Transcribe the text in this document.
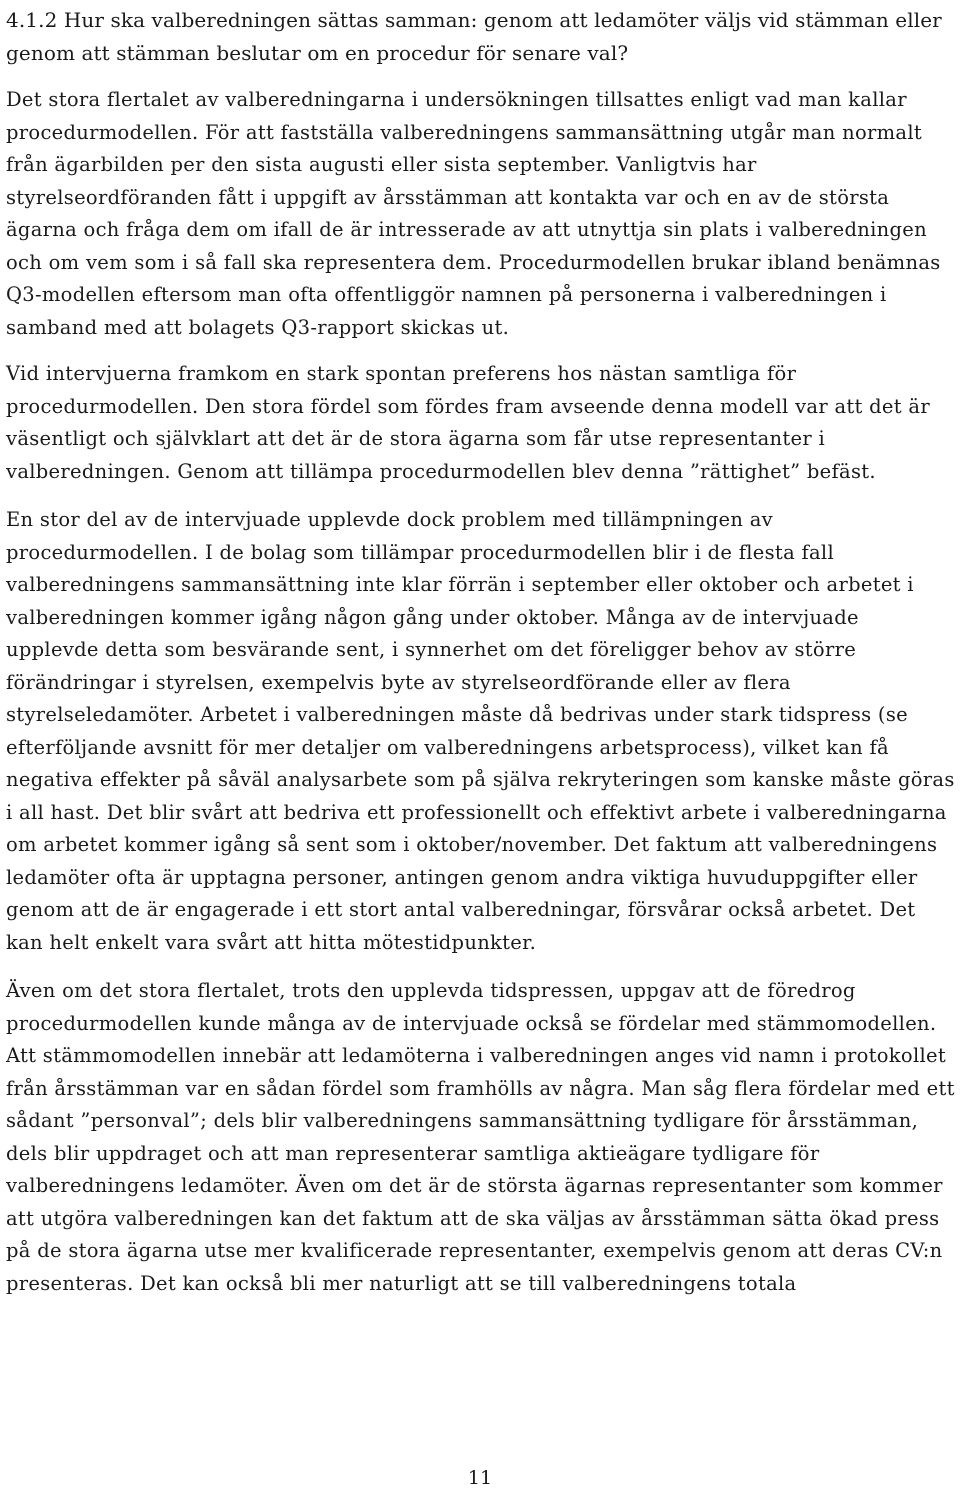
4.1.2 Hur ska valberedningen sättas samman: genom att ledamöter väljs vid stämman eller genom att stämman beslutar om en procedur för senare val?

Det stora flertalet av valberedningarna i undersökningen tillsattes enligt vad man kallar procedurmodellen. För att fastställa valberedningens sammansättning utgår man normalt från ägarbilden per den sista augusti eller sista september. Vanligtvis har styrelseordföranden fått i uppgift av årsstämman att kontakta var och en av de största ägarna och fråga dem om ifall de är intresserade av att utnyttja sin plats i valberedningen och om vem som i så fall ska representera dem. Procedurmodellen brukar ibland benämnas Q3-modellen eftersom man ofta offentliggör namnen på personerna i valberedningen i samband med att bolagets Q3-rapport skickas ut.

Vid intervjuerna framkom en stark spontan preferens hos nästan samtliga för procedurmodellen. Den stora fördel som fördes fram avseende denna modell var att det är väsentligt och självklart att det är de stora ägarna som får utse representanter i valberedningen. Genom att tillämpa procedurmodellen blev denna ”rättighet” befäst.

En stor del av de intervjuade upplevde dock problem med tillämpningen av procedurmodellen. I de bolag som tillämpar procedurmodellen blir i de flesta fall valberedningens sammansättning inte klar förrän i september eller oktober och arbetet i valberedningen kommer igång någon gång under oktober. Många av de intervjuade upplevde detta som besvärande sent, i synnerhet om det föreligger behov av större förändringar i styrelsen, exempelvis byte av styrelseordförande eller av flera styrelseledamöter. Arbetet i valberedningen måste då bedrivas under stark tidspress (se efterföljande avsnitt för mer detaljer om valberedningens arbetsprocess), vilket kan få negativa effekter på såväl analysarbete som på själva rekryteringen som kanske måste göras i all hast. Det blir svårt att bedriva ett professionellt och effektivt arbete i valberedningarna om arbetet kommer igång så sent som i oktober/november. Det faktum att valberedningens ledamöter ofta är upptagna personer, antingen genom andra viktiga huvuduppgifter eller genom att de är engagerade i ett stort antal valberedningar, försvårar också arbetet. Det kan helt enkelt vara svårt att hitta mötestidpunkter.

Även om det stora flertalet, trots den upplevda tidspressen, uppgav att de föredrog procedurmodellen kunde många av de intervjuade också se fördelar med stämmomodellen. Att stämmomodellen innebär att ledamöterna i valberedningen anges vid namn i protokollet från årsstämman var en sådan fördel som framhölls av några. Man såg flera fördelar med ett sådant ”personval”; dels blir valberedningens sammansättning tydligare för årsstämman, dels blir uppdraget och att man representerar samtliga aktieägare tydligare för valberedningens ledamöter. Även om det är de största ägarnas representanter som kommer att utgöra valberedningen kan det faktum att de ska väljas av årsstämman sätta ökad press på de stora ägarna utse mer kvalificerade representanter, exempelvis genom att deras CV:n presenteras. Det kan också bli mer naturligt att se till valberedningens totala

11
